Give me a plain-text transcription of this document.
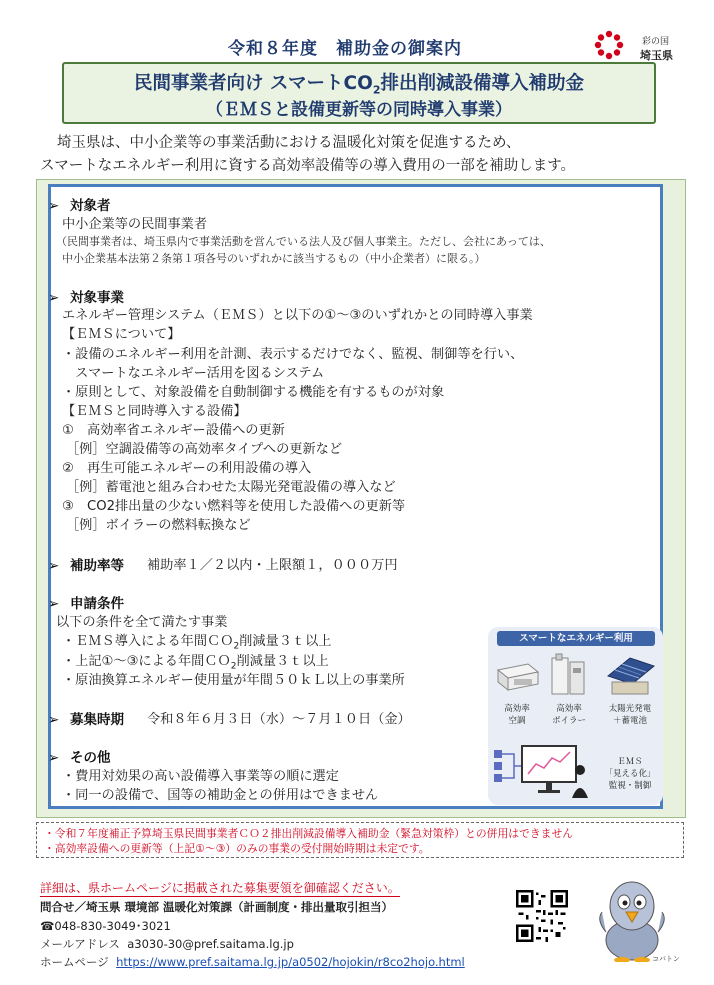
令和８年度　補助金の御案内	彩の国
埼玉県
民間事業者向け スマート$CO_2$排出削減設備導入補助金
（ＥＭＳと設備更新等の同時導入事業）
埼玉県は、中小企業等の事業活動における温暖化対策を促進するため、
スマートなエネルギー利用に資する高効率設備等の導入費用の一部を補助します。
➢ 対象者
中小企業等の民間事業者
（民間事業者は、埼玉県内で事業活動を営んでいる法人及び個人事業主。ただし、会社にあっては、
中小企業基本法第２条第１項各号のいずれかに該当するもの（中小企業者）に限る。）
➢ 対象事業
エネルギー管理システム（ＥＭＳ）と以下の①～③のいずれかとの同時導入事業
【ＥＭＳについて】
・設備のエネルギー利用を計測、表示するだけでなく、監視、制御等を行い、
　スマートなエネルギー活用を図るシステム
・原則として、対象設備を自動制御する機能を有するものが対象
【ＥＭＳと同時導入する設備】
①　高効率省エネルギー設備への更新
［例］空調設備等の高効率タイプへの更新など
②　再生可能エネルギーの利用設備の導入
［例］蓄電池と組み合わせた太陽光発電設備の導入など
③　CO2排出量の少ない燃料等を使用した設備への更新等
［例］ボイラーの燃料転換など
➢ 補助率等 補助率１／２以内・上限額１，０００万円
➢ 申請条件
以下の条件を全て満たす事業
・ＥＭＳ導入による年間ＣＯ$_2$削減量３ｔ以上
・上記①～③による年間ＣＯ$_2$削減量３ｔ以上
・原油換算エネルギー使用量が年間５０ｋＬ以上の事業所
➢ 募集時期 令和８年６月３日（水）～７月１０日（金）
➢ その他
・費用対効果の高い設備導入事業等の順に選定
・同一の設備で、国等の補助金との併用はできません
スマートなエネルギー利用
高効率
空調
高効率
ボイラー
太陽光発電
＋蓄電池
ＥＭＳ
「見える化」
監視・制御
・令和７年度補正予算埼玉県民間事業者ＣＯ２排出削減設備導入補助金（緊急対策枠）との併用はできません
・高効率設備への更新等（上記①～③）のみの事業の受付開始時期は未定です。
詳細は、県ホームページに掲載された募集要領を御確認ください。
問合せ／埼玉県 環境部 温暖化対策課（計画制度・排出量取引担当）
☎048-830-3049･3021
メールアドレス a3030-30@pref.saitama.lg.jp
ホームページ https://www.pref.saitama.lg.jp/a0502/hojokin/r8co2hojo.html	コバトン
